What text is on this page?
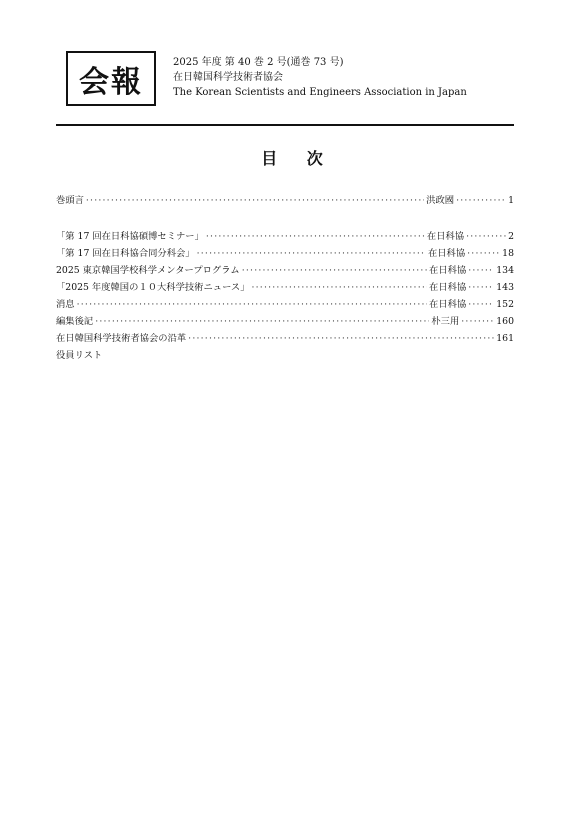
会報
2025 年度 第 40 巻 2 号(通巻 73 号)
在日韓国科学技術者協会
The Korean Scientists and Engineers Association in Japan
目 次
巻頭言 ·····	洪政國 ·····	1
「第 17 回在日科協碩博セミナー」 ·····	在日科協 ·····	2
「第 17 回在日科協合同分科会」 ·····	在日科協 ·····	18
2025 東京韓国学校科学メンタープログラム ·····	在日科協 ·····	134
「2025 年度韓国の１０大科学技術ニュース」 ·····	在日科協 ·····	143
消息 ·····	在日科協 ·····	152
編集後記 ·····	朴三用 ·····	160
在日韓国科学技術者協会の沿革 ·····	161
役員リスト
